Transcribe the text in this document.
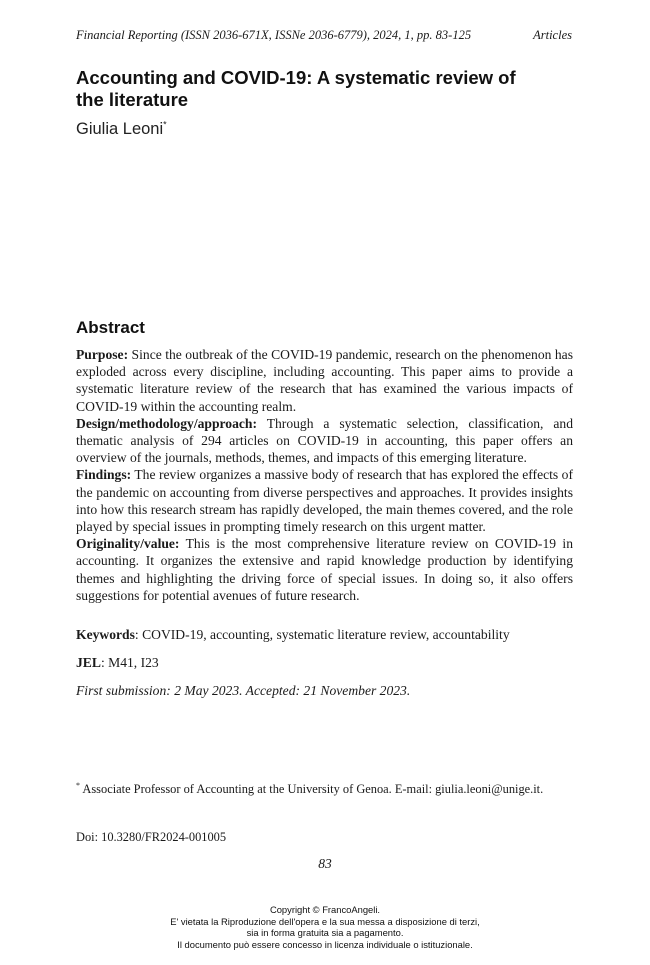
Financial Reporting (ISSN 2036-671X, ISSNe 2036-6779), 2024, 1, pp. 83-125	Articles
Accounting and COVID-19: A systematic review of the literature
Giulia Leoni*
Abstract

Purpose: Since the outbreak of the COVID-19 pandemic, research on the phenomenon has exploded across every discipline, including accounting. This paper aims to provide a systematic literature review of the research that has examined the various impacts of COVID-19 within the accounting realm.

Design/methodology/approach: Through a systematic selection, classification, and thematic analysis of 294 articles on COVID-19 in accounting, this paper offers an overview of the journals, methods, themes, and impacts of this emerging literature.

Findings: The review organizes a massive body of research that has explored the effects of the pandemic on accounting from diverse perspectives and approaches. It provides insights into how this research stream has rapidly developed, the main themes covered, and the role played by special issues in prompting timely research on this urgent matter.

Originality/value: This is the most comprehensive literature review on COVID-19 in accounting. It organizes the extensive and rapid knowledge production by identifying themes and highlighting the driving force of special issues. In doing so, it also offers suggestions for potential avenues of future research.

Keywords: COVID-19, accounting, systematic literature review, accountability
JEL: M41, I23
First submission: 2 May 2023. Accepted: 21 November 2023.
* Associate Professor of Accounting at the University of Genoa. E-mail: giulia.leoni@unige.it.
Doi: 10.3280/FR2024-001005
83
Copyright © FrancoAngeli.
E' vietata la Riproduzione dell'opera e la sua messa a disposizione di terzi,
sia in forma gratuita sia a pagamento.
Il documento può essere concesso in licenza individuale o istituzionale.
